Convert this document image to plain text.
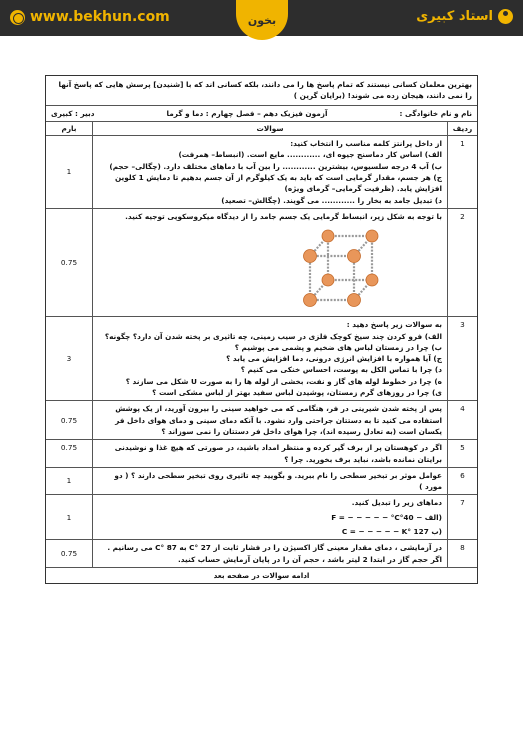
www.bekhun.com	استاد کبیری
بخون
بهترین معلمان کسانی نیستند که تمام پاسخ ها را می دانند، بلکه کسانی اند که با [شنیدن] پرسش هایی که پاسخ آنها را نمی دانند، هیجان زده می شوند! (برایان گرین )
نام و نام خانوادگی :
آزمون فیزیک دهم – فصل چهارم : دما و گرما
دبیر : کبیری
ردیف
سوالات
بارم
1
از داخل پرانتز کلمه مناسب را انتخاب کنید:
الف) اساس کار دماسنج جیوه ای، ............ مایع است. (انبساط– همرفت)
ب) آب 4 درجه سلسیوس، بیشترین ............ را بین آب با دماهای مختلف دارد. (چگالی– حجم)
ج) هر جسم، مقدار گرمایی است که باید به یک کیلوگرم از آن جسم بدهیم تا دمایش 1 کلوین افزایش یابد. (ظرفیت گرمایی– گرمای ویژه)
د) تبدیل جامد به بخار را ............ می گویند. (چگالش– تصعید)
1
2
با توجه به شکل زیر، انبساط گرمایی یک جسم جامد را از دیدگاه میکروسکوپی توجیه کنید.
0.75
3
به سوالات زیر پاسخ دهید :
الف) فرو کردن چند سیخ کوچک فلزی در سیب زمینی، چه تاثیری بر پخته شدن آن دارد؟ چگونه؟
ب) چرا در زمستان لباس های ضخیم و پشمی می پوشیم ؟
ج) آیا همواره با افزایش انرژی درونی، دما افزایش می یابد ؟
د) چرا با تماس الکل به پوست، احساس خنکی می کنیم ؟
ه) چرا در خطوط لوله های گاز و نفت، بخشی از لوله ها را به صورت U شکل می سازند ؟
ی) چرا در روزهای گرم زمستان، پوشیدن لباس سفید بهتر از لباس مشکی است ؟
3
4
پس از پخته شدن شیرینی در فر، هنگامی که می خواهید سینی را بیرون آورید، از یک پوشش استفاده می کنید تا به دستتان جراحتی وارد نشود. با آنکه دمای سینی و دمای هوای داخل فر یکسان است (به تعادل رسیده اند)، چرا هوای داخل فر دستتان را نمی سوزاند ؟
0.75
5
اگر در کوهستان پر از برف گیر کرده و منتظر امداد باشید، در صورتی که هیچ غذا و نوشیدنی برایتان نمانده باشد، نباید برف بخورید. چرا ؟
0.75
6
عوامل موثر بر تبخیر سطحی را نام ببرید. و بگویید چه تاثیری روی تبخیر سطحی دارند ؟ ( دو مورد )
1
7
دماهای زیر را تبدیل کنید.
(الف − 40°F = − − − − − °C
(ب 127 °C = − − − − − K
1
8
در آزمایشی ، دمای مقدار معینی گاز اکسیژن را در فشار ثابت از 27 °C به 87 °C می رسانیم . اگر حجم گاز در ابتدا 2 لیتر باشد ، حجم آن را در پایان آزمایش حساب کنید.
0.75
ادامه سوالات در صفحه بعد
